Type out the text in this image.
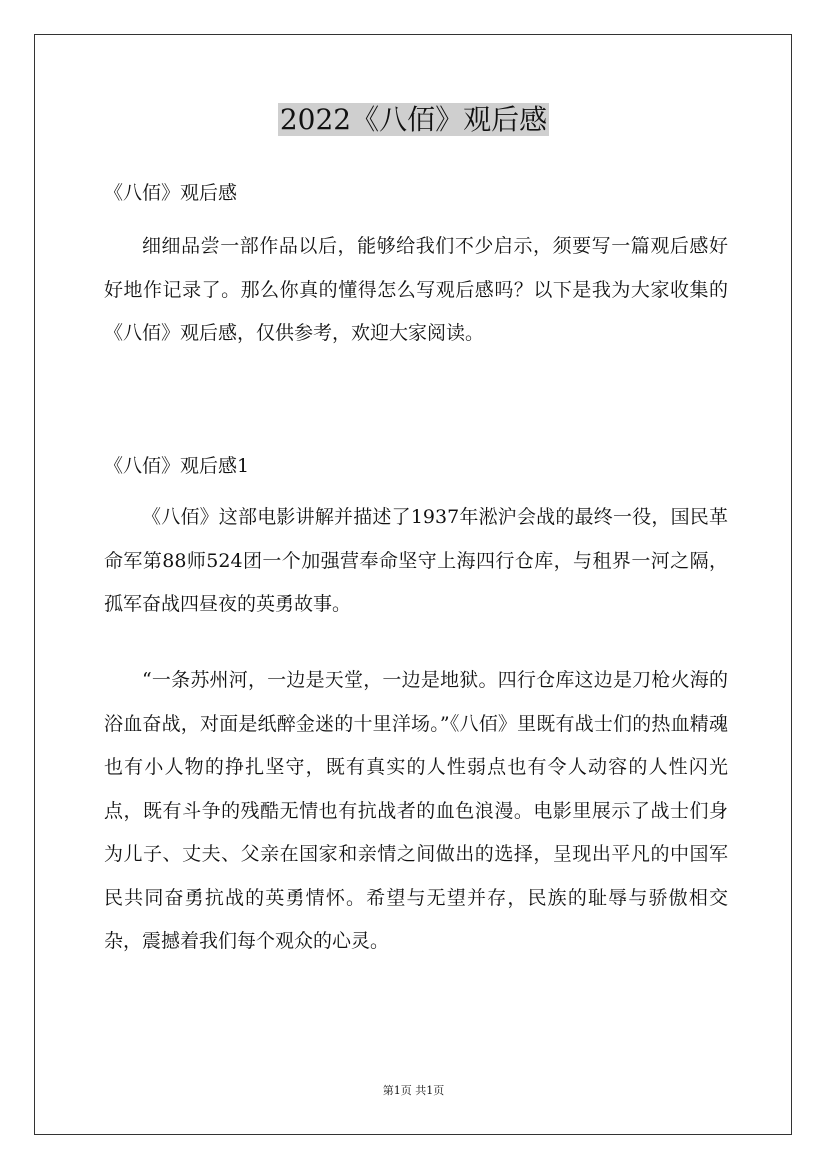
2022《八佰》观后感
《八佰》观后感
细细品尝一部作品以后，能够给我们不少启示，须要写一篇观后感好好地作记录了。那么你真的懂得怎么写观后感吗？以下是我为大家收集的《八佰》观后感，仅供参考，欢迎大家阅读。
《八佰》观后感1
《八佰》这部电影讲解并描述了1937年淞沪会战的最终一役，国民革命军第88师524团一个加强营奉命坚守上海四行仓库，与租界一河之隔，孤军奋战四昼夜的英勇故事。
“一条苏州河，一边是天堂，一边是地狱。四行仓库这边是刀枪火海的浴血奋战，对面是纸醉金迷的十里洋场。”《八佰》里既有战士们的热血精魂也有小人物的挣扎坚守，既有真实的人性弱点也有令人动容的人性闪光点，既有斗争的残酷无情也有抗战者的血色浪漫。电影里展示了战士们身为儿子、丈夫、父亲在国家和亲情之间做出的选择，呈现出平凡的中国军民共同奋勇抗战的英勇情怀。希望与无望并存，民族的耻辱与骄傲相交杂，震撼着我们每个观众的心灵。
第1页 共1页
